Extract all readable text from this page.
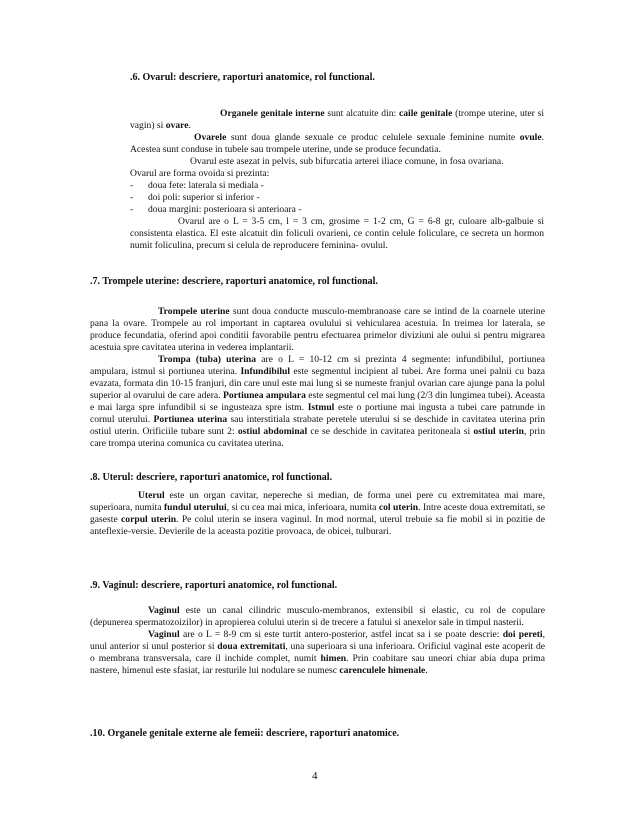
.6. Ovarul: descriere, raporturi anatomice, rol functional.

Organele genitale interne sunt alcatuite din: caile genitale (trompe uterine, uter si vagin) si ovare.

Ovarele sunt doua glande sexuale ce produc celulele sexuale feminine numite ovule. Acestea sunt conduse in tubele sau trompele uterine, unde se produce fecundatia.

Ovarul este asezat in pelvis, sub bifurcatia arterei iliace comune, in fosa ovariana.

Ovarul are forma ovoida si prezinta:

- doua fete: laterala si mediala -
- doi poli: superior si inferior -
- doua margini: posterioara si anterioara -

Ovarul are o L = 3-5 cm, l = 3 cm, grosime = 1-2 cm, G = 6-8 gr, culoare alb-galbuie si consistenta elastica. El este alcatuit din foliculi ovarieni, ce contin celule foliculare, ce secreta un hormon numit foliculina, precum si celula de reproducere feminina- ovulul.

.7. Trompele uterine: descriere, raporturi anatomice, rol functional.

Trompele uterine sunt doua conducte musculo-membranoase care se intind de la coarnele uterine pana la ovare. Trompele au rol important in captarea ovulului si vehicularea acestuia. In treimea lor laterala, se produce fecundatia, oferind apoi conditii favorabile pentru efectuarea primelor diviziuni ale oului si pentru migrarea acestuia spre cavitatea uterina in vederea implantarii.

Trompa (tuba) uterina are o L = 10-12 cm si prezinta 4 segmente: infundibilul, portiunea ampulara, istmul si portiunea uterina. Infundibilul este segmentul incipient al tubei. Are forma unei palnii cu baza evazata, formata din 10-15 franjuri, din care unul este mai lung si se numeste franjul ovarian care ajunge pana la polul superior al ovarului de care adera. Portiunea ampulara este segmentul cel mai lung (2/3 din lungimea tubei). Aceasta e mai larga spre infundibil si se ingusteaza spre istm. Istmul este o portiune mai ingusta a tubei care patrunde in cornul uterului. Portiunea uterina sau interstitiala strabate peretele uterului si se deschide in cavitatea uterina prin ostiul uterin. Orificiile tubare sunt 2: ostiul abdominal ce se deschide in cavitatea peritoneala si ostiul uterin, prin care trompa uterina comunica cu cavitatea uterina.

.8. Uterul: descriere, raporturi anatomice, rol functional.

Uterul este un organ cavitar, nepereche si median, de forma unei pere cu extremitatea mai mare, superioara, numita fundul uterului, si cu cea mai mica, inferioara, numita col uterin. Intre aceste doua extremitati, se gaseste corpul uterin. Pe colul uterin se insera vaginul. In mod normal, uterul trebuie sa fie mobil si in pozitie de anteflexie-versie. Devierile de la aceasta pozitie provoaca, de obicei, tulburari.

.9. Vaginul: descriere, raporturi anatomice, rol functional.

Vaginul este un canal cilindric musculo-membranos, extensibil si elastic, cu rol de copulare (depunerea spermatozoizilor) in apropierea colului uterin si de trecere a fatului si anexelor sale in timpul nasterii.

Vaginul are o L = 8-9 cm si este turtit antero-posterior, astfel incat sa i se poate descrie: doi pereti, unul anterior si unul posterior si doua extremitati, una superioara si una inferioara. Orificiul vaginal este acoperit de o membrana transversala, care il inchide complet, numit himen. Prin coabitare sau uneori chiar abia dupa prima nastere, himenul este sfasiat, iar resturile lui nodulare se numesc carenculele himenale.

.10. Organele genitale externe ale femeii: descriere, raporturi anatomice.
4
